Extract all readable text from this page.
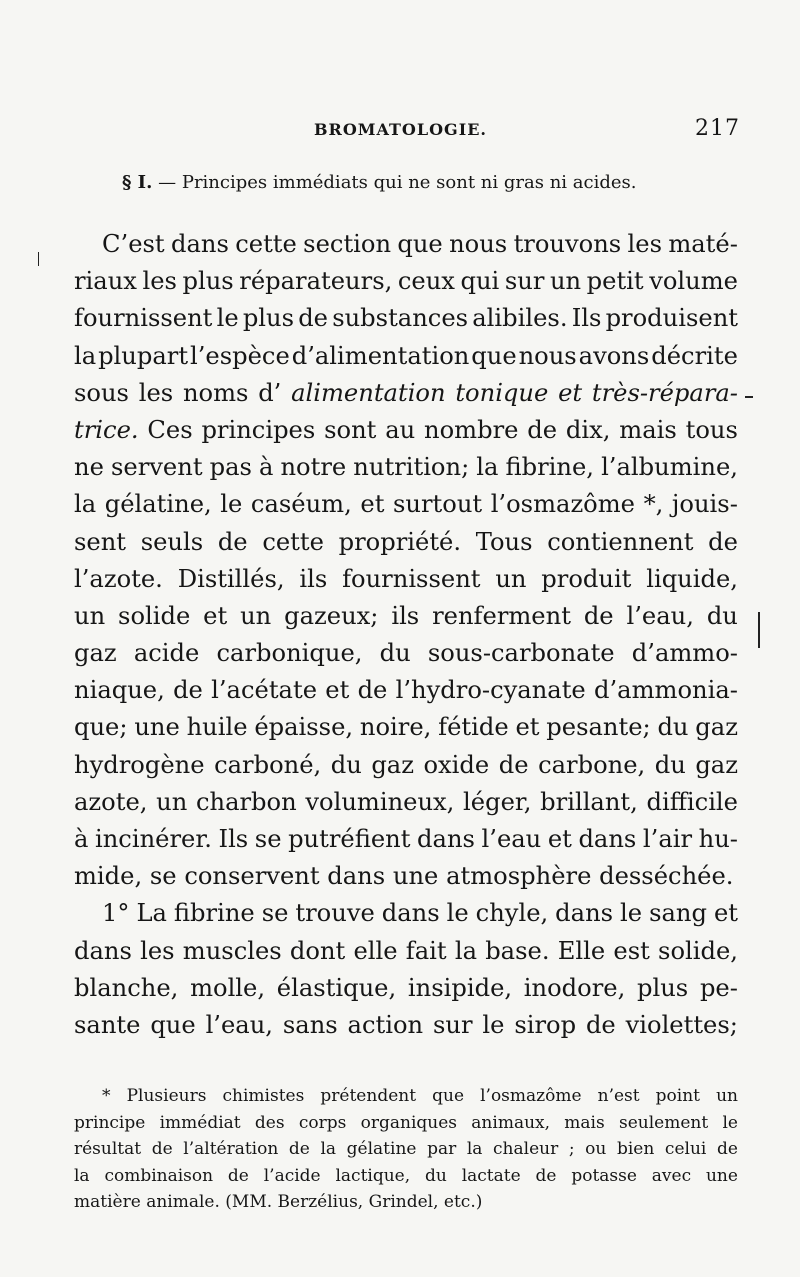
BROMATOLOGIE.	217
§ I. — Principes immédiats qui ne sont ni gras ni acides.
C’est dans cette section que nous trouvons les maté-
riaux les plus réparateurs, ceux qui sur un petit volume
fournissent le plus de substances alibiles. Ils produisent
la plupart l’espèce d’alimentation que nous avons décrite
sous les noms d’ alimentation tonique et très-répara-
trice. Ces principes sont au nombre de dix, mais tous
ne servent pas à notre nutrition; la fibrine, l’albumine,
la gélatine, le caséum, et surtout l’osmazôme *, jouis-
sent seuls de cette propriété. Tous contiennent de
l’azote. Distillés, ils fournissent un produit liquide,
un solide et un gazeux; ils renferment de l’eau, du
gaz acide carbonique, du sous-carbonate d’ammo-
niaque, de l’acétate et de l’hydro-cyanate d’ammonia-
que; une huile épaisse, noire, fétide et pesante; du gaz
hydrogène carboné, du gaz oxide de carbone, du gaz
azote, un charbon volumineux, léger, brillant, difficile
à incinérer. Ils se putréfient dans l’eau et dans l’air hu-
mide,
se
conservent
dans
une
atmosphère
desséchée.
1° La fibrine se trouve dans le chyle, dans le sang et
dans les muscles dont elle fait la base. Elle est solide,
blanche, molle, élastique, insipide, inodore, plus pe-
sante que l’eau, sans action sur le sirop de violettes;
* Plusieurs chimistes prétendent que l’osmazôme n’est point un
principe immédiat des corps organiques animaux, mais seulement le
résultat de l’altération de la gélatine par la chaleur ; ou bien celui de
la combinaison de l’acide lactique, du lactate de potasse avec une
matière
animale.
(MM.
Berzélius,
Grindel,
etc.)
